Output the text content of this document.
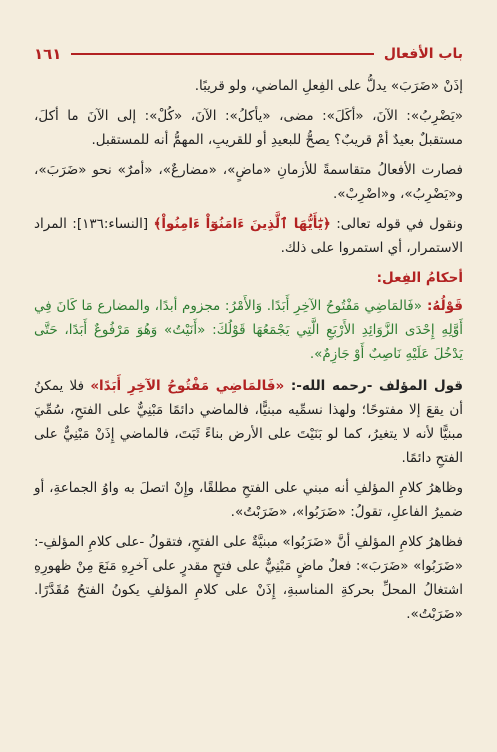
باب الأفعال
١٦١

إذَنْ «ضَرَبَ» يدلُّ على الفِعلِ الماضي، ولو قريبًا.

«يَضْرِبُ»: الآنَ، «أكَلَ»: مضى، «يأكلُ»: الآنَ، «كُلْ»: إلى الآنَ ما أكلَ، مستقبلٌ بعيدٌ أمْ قريبٌ؟ يصحُّ للبعيدِ أو للقريبِ، المهمُّ أنه للمستقبل.

فصارت الأفعالُ متقاسمةً للأزمانِ «ماضٍ»، «مضارعٌ»، «أمرٌ» نحو «ضَرَبَ»، و«يَضْرِبُ»، و«اضْرِبْ».

ونقول في قوله تعالى: ﴿يَٰٓأَيُّهَا ٱلَّذِينَ ءَامَنُوٓاْ ءَامِنُواْ﴾ [النساء:١٣٦]: المراد الاستمرار، أي استمروا على ذلك.

أحكامُ الفِعل:

قَوْلُهُ: «فَالمَاضِي مَفْتُوحُ الآخِرِ أَبَدًا. وَالأَمْرُ: مجزوم أبدًا، والمضارع مَا كَانَ فِي أَوَّلِهِ إِحْدَى الزَّوَائِدِ الأَرْبَعِ الَّتِي يَجْمَعُهَا قَوْلُكَ: «أَنَيْتُ» وَهُوَ مَرْفُوعٌ أَبَدًا، حَتَّى يَدْخُلَ عَلَيْهِ نَاصِبٌ أَوْ جَازِمٌ».

قول المؤلف -رحمه الله-: «فَالمَاضِي مَفْتُوحُ الآخِرِ أَبَدًا» فلا يمكنُ أن يقعَ إلا مفتوحًا؛ ولهذا نسمِّيه مبنيًّا، فالماضي دائمًا مَبْنِيٌّ على الفتحِ، سُمِّيَ مبنيًّا لأنه لا يتغيرُ، كما لو بَنَيْتَ على الأرض بناءً ثَبَتَ، فالماضي إِذَنْ مَبْنِيٌّ على الفتحِ دائمًا.

وظاهرُ كلامِ المؤلفِ أنه مبني على الفتحِ مطلقًا، وإِنْ اتصلَ به واوُ الجماعةِ، أو ضميرُ الفاعلِ، تقولُ: «ضَرَبُوا»، «ضَرَبْتُ».

فظاهرُ كلامِ المؤلفِ أنَّ «ضَرَبُوا» مبنيَّةٌ على الفتحِ، فتقولُ -على كلامِ المؤلفِ-: «ضَرَبُوا» «ضَرَبَ»: فعلٌ ماضٍ مَبْنِيٌّ على فتحٍ مقدرٍ على آخرِهِ مَنَعَ مِنْ ظهورِهِ اشتغالُ المحلِّ بحركةِ المناسبةِ، إِذَنْ على كلامِ المؤلفِ يكونُ الفتحُ مُقَدَّرًا. «ضَرَبْتُ».
